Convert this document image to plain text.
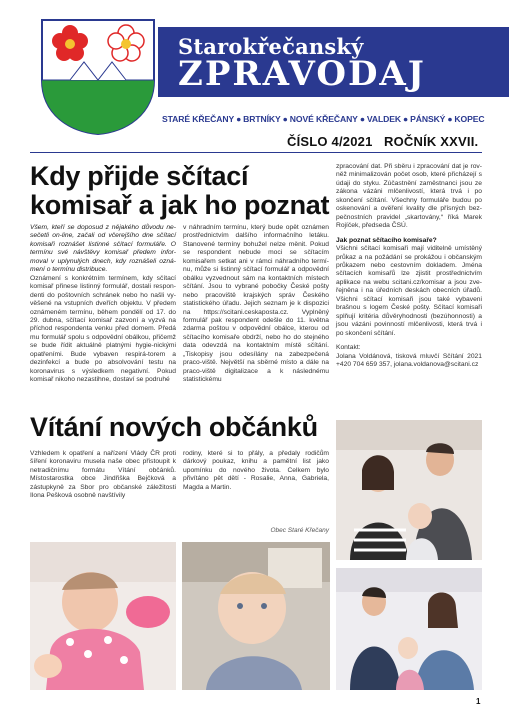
Starokřečanský
ZPRAVODAJ
STARÉ KŘEČANY ● BRTNÍKY ● NOVÉ KŘEČANY ● VALDEK ● PÁNSKÝ ● KOPEC
ČÍSLO 4/2021 ROČNÍK XXVII.
Kdy přijde sčítací komisař a jak ho poznat

Všem, kteří se doposud z nějakého důvodu ne-sečetli on-line, začali od včerejšího dne sčítací komisaři roznášet listinné sčítací formuláře. O termínu své návštěvy komisař předem infor-moval v uplynulých dnech, kdy roznášeli ozná-mení o termínu distribuce.

Oznámení s konkrétním termínem, kdy sčítací komisař přinese listinný formulář, dostali respon-denti do poštovních schránek nebo ho našli vy-věšené na vstupních dveřích objektu. V předem oznámeném termínu, během pondělí od 17. do 29. dubna, sčítací komisař zazvoní a vyzvá na příchod respondenta venku před domem. Předá mu formulář spolu s odpovědní obálkou, přičemž se bude řídit aktuálně platnými hygie-nickými opatřeními. Bude vybaven respirá-torem a dezinfekcí a bude po absolvování testu na koronavirus s výsledkem negativní. Pokud komisař nikoho nezastihne, dostaví se podruhé

v náhradním termínu, který bude opět oznámen prostřednictvím dalšího informačního letáku. Stanovené termíny bohužel nelze měnit. Pokud se respondent nebude moci se sčítacím komisařem setkat ani v rámci náhradního termí-nu, může si listinný sčítací formulář a odpovědní obálku vyzvednout sám na kontaktních místech sčítání. Jsou to vybrané pobočky České pošty nebo pracoviště krajských správ Českého statistického úřadu. Jejich seznam je k dispozici na https://scitani.ceskaposta.cz. Vyplněný formulář pak respondent odešle do 11. května zdarma poštou v odpovědní obálce, kterou od sčítacího komisaře obdrží, nebo ho do stejného data odevzdá na kontaktním místě sčítání. „Tiskopisy jsou odesílány na zabezpečená praco-viště. Největší na sběrné místo a dále na praco-viště digitalizace a k následnému statistickému

zpracování dat. Při sběru i zpracování dat je rov-něž minimalizován počet osob, které přicházejí s údaji do styku. Zúčastnění zaměstnanci jsou ze zákona vázáni mlčenlivostí, která trvá i po skončení sčítání. Všechny formuláře budou po oskenování a ověření kvality dle přísných bez-pečnostních pravidel „skartovány,“ říká Marek Rojíček, předseda ČSÚ.

Jak poznat sčítacího komisaře?

Všichni sčítací komisaři mají viditelně umístěný průkaz a na požádání se prokážou i občanským průkazem nebo cestovním dokladem. Jména sčítacích komisařů lze zjistit prostřednictvím aplikace na webu scitani.cz/komisar a jsou zve-řejněna i na úředních deskách obecních úřadů. Všichni sčítací komisaři jsou také vybaveni brašnou s logem České pošty. Sčítací komisaři splňují kritéria důvěryhodnosti (bezúhonnosti) a jsou vázáni povinností mlčenlivosti, která trvá i po skončení sčítání.

Kontakt:

Jolana Voldánová, tisková mluvčí Sčítání 2021 +420 704 659 357, jolana.voldanova@scitani.cz

Vítání nových občánků

Vzhledem k opatření a nařízení Vlády ČR proti šíření koronaviru musela naše obec přistoupit k netradičnímu formátu Vítání občánků. Místostarostka obce Jindřiška Bejčková a zástupkyně za Sbor pro občanské záležitosti Ilona Pešková osobně navštívily

rodiny, které si to přály, a předaly rodičům dárkový poukaz, knihu a pamětní list jako upomínku do nového života. Celkem bylo přivítáno pět dětí - Rosalie, Anna, Gabriela, Magda a Martin.

Obec Staré Křečany
1
